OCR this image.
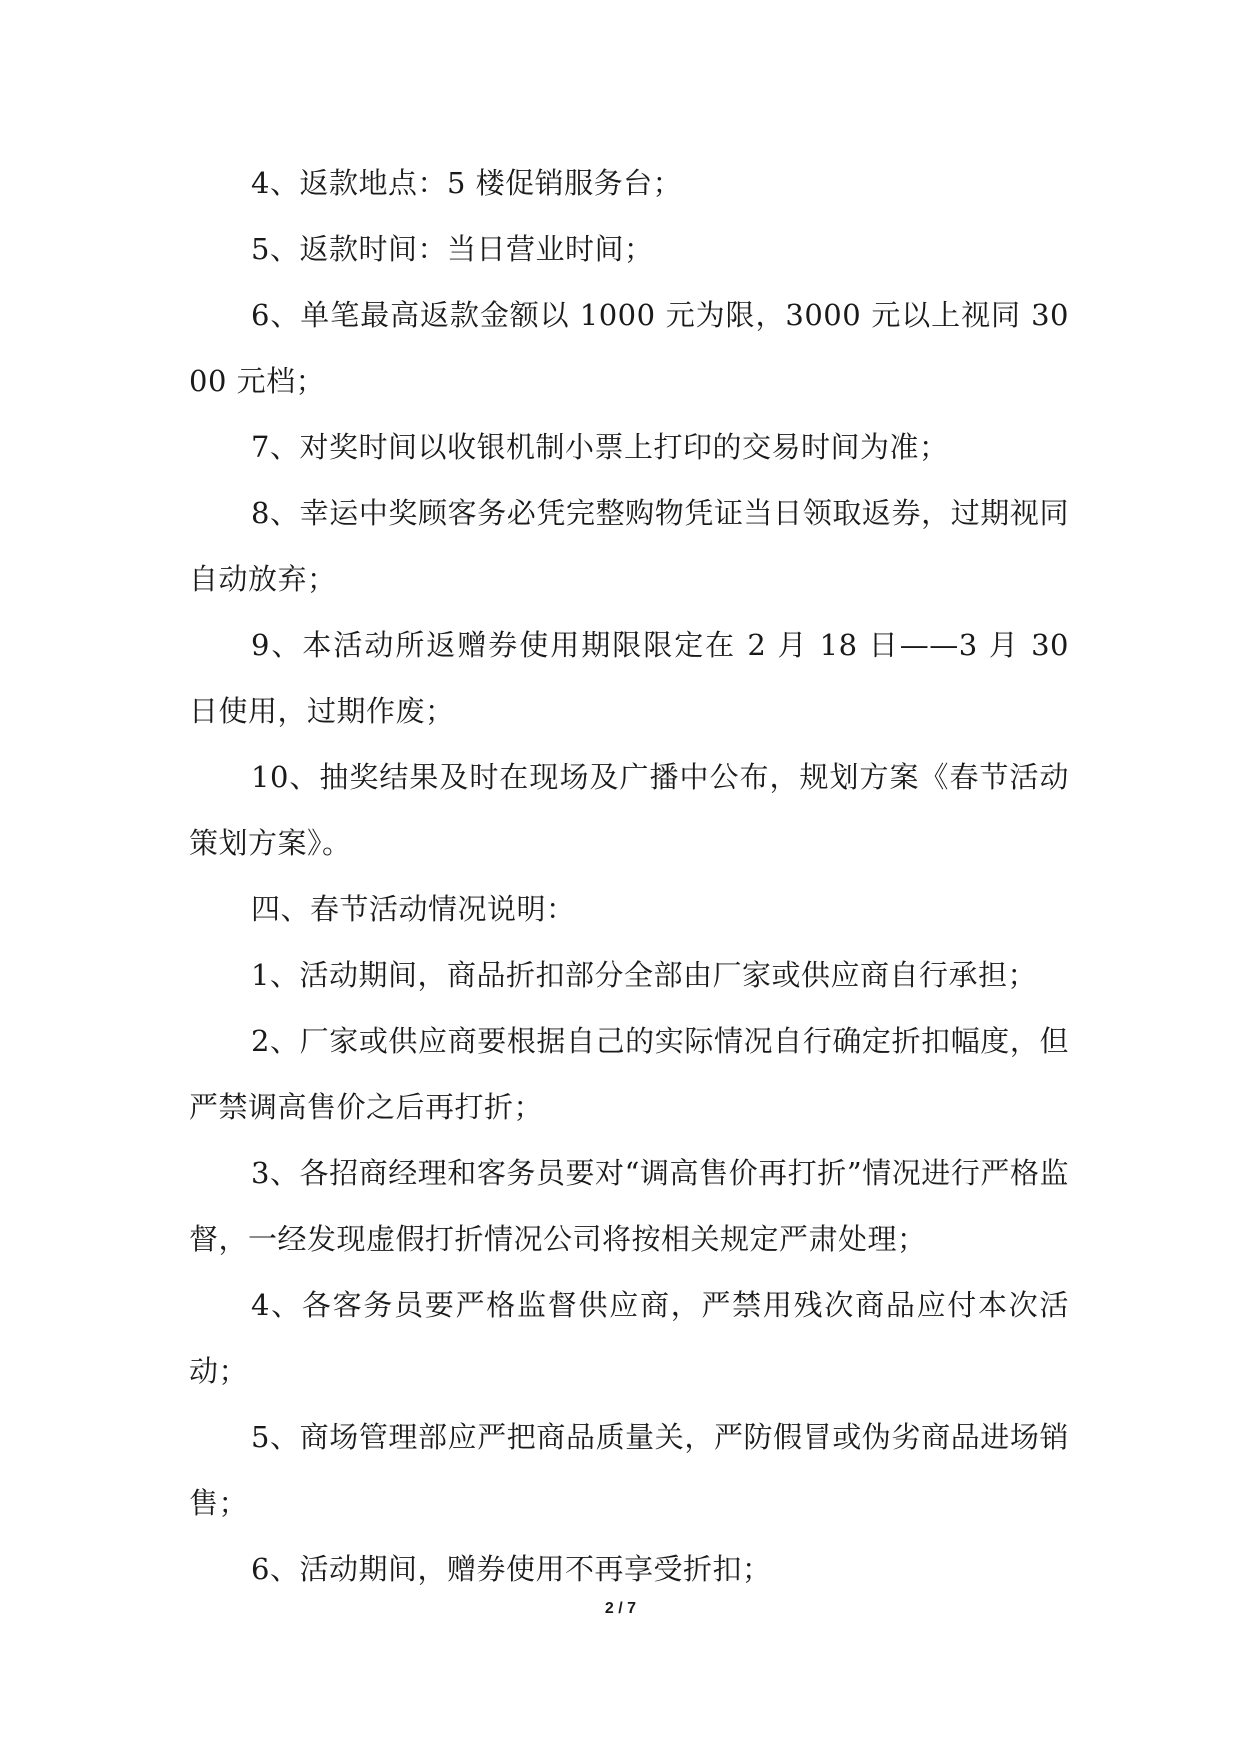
4、返款地点：5 楼促销服务台；

5、返款时间：当日营业时间；

6、单笔最高返款金额以 1000 元为限，3000 元以上视同 3000 元档；

7、对奖时间以收银机制小票上打印的交易时间为准；

8、幸运中奖顾客务必凭完整购物凭证当日领取返券，过期视同自动放弃；

9、本活动所返赠券使用期限限定在 2 月 18 日——3 月 30 日使用，过期作废；

10、抽奖结果及时在现场及广播中公布，规划方案《春节活动策划方案》。

四、春节活动情况说明：

1、活动期间，商品折扣部分全部由厂家或供应商自行承担；

2、厂家或供应商要根据自己的实际情况自行确定折扣幅度，但严禁调高售价之后再打折；

3、各招商经理和客务员要对“调高售价再打折”情况进行严格监督，一经发现虚假打折情况公司将按相关规定严肃处理；

4、各客务员要严格监督供应商，严禁用残次商品应付本次活动；

5、商场管理部应严把商品质量关，严防假冒或伪劣商品进场销售；

6、活动期间，赠券使用不再享受折扣；

2 / 7
